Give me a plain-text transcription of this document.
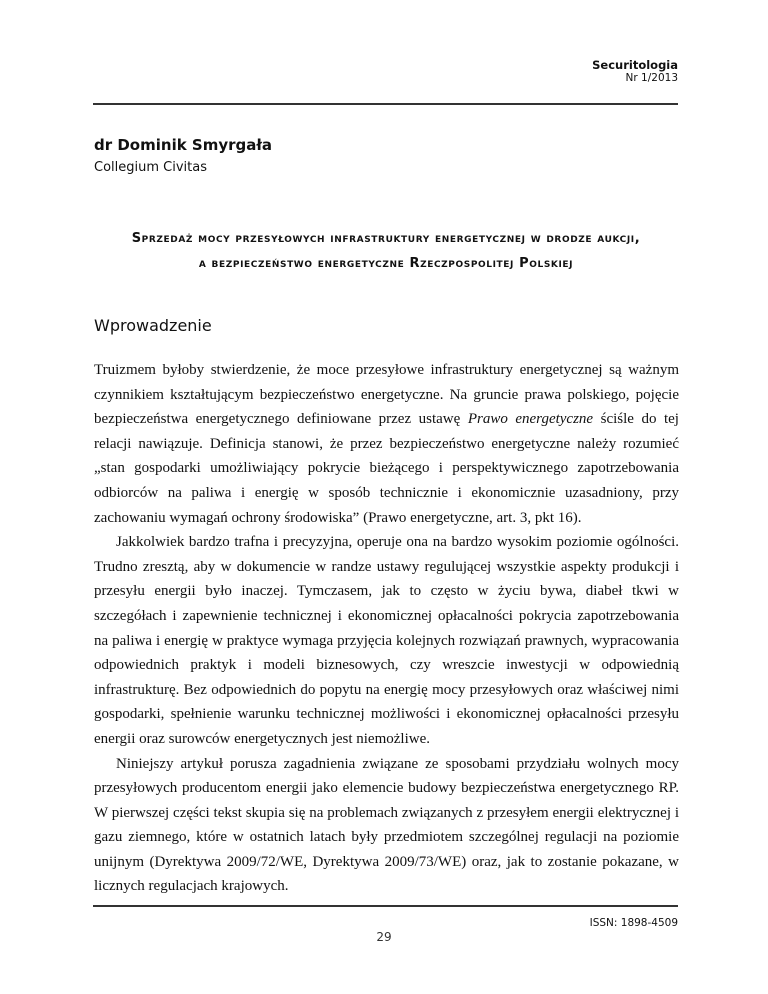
Securitologia
Nr 1/2013
dr Dominik Smyrgała
Collegium Civitas
Sprzedaż mocy przesyłowych infrastruktury energetycznej w drodze aukcji,
a bezpieczeństwo energetyczne Rzeczpospolitej Polskiej
Wprowadzenie

Truizmem byłoby stwierdzenie, że moce przesyłowe infrastruktury energetycznej są ważnym czynnikiem kształtującym bezpieczeństwo energetyczne. Na gruncie prawa polskiego, pojęcie bezpieczeństwa energetycznego definiowane przez ustawę Prawo energetyczne ściśle do tej relacji nawiązuje. Definicja stanowi, że przez bezpieczeństwo energetyczne należy rozumieć „stan gospodarki umożliwiający pokrycie bieżącego i perspektywicznego zapotrzebowania odbiorców na paliwa i energię w sposób technicznie i ekonomicznie uzasadniony, przy zachowaniu wymagań ochrony środowiska” (Prawo energetyczne, art. 3, pkt 16).

Jakkolwiek bardzo trafna i precyzyjna, operuje ona na bardzo wysokim poziomie ogólności. Trudno zresztą, aby w dokumencie w randze ustawy regulującej wszystkie aspekty produkcji i przesyłu energii było inaczej. Tymczasem, jak to często w życiu bywa, diabeł tkwi w szczegółach i zapewnienie technicznej i ekonomicznej opłacalności pokrycia zapotrzebowania na paliwa i energię w praktyce wymaga przyjęcia kolejnych rozwiązań prawnych, wypracowania odpowiednich praktyk i modeli biznesowych, czy wreszcie inwestycji w odpowiednią infrastrukturę. Bez odpowiednich do popytu na energię mocy przesyłowych oraz właściwej nimi gospodarki, spełnienie warunku technicznej możliwości i ekonomicznej opłacalności przesyłu energii oraz surowców energetycznych jest niemożliwe.

Niniejszy artykuł porusza zagadnienia związane ze sposobami przydziału wolnych mocy przesyłowych producentom energii jako elemencie budowy bezpieczeństwa energetycznego RP. W pierwszej części tekst skupia się na problemach związanych z przesyłem energii elektrycznej i gazu ziemnego, które w ostatnich latach były przedmiotem szczególnej regulacji na poziomie unijnym (Dyrektywa 2009/72/WE, Dyrektywa 2009/73/WE) oraz, jak to zostanie pokazane, w licznych regulacjach krajowych.

ISSN: 1898-4509
29
